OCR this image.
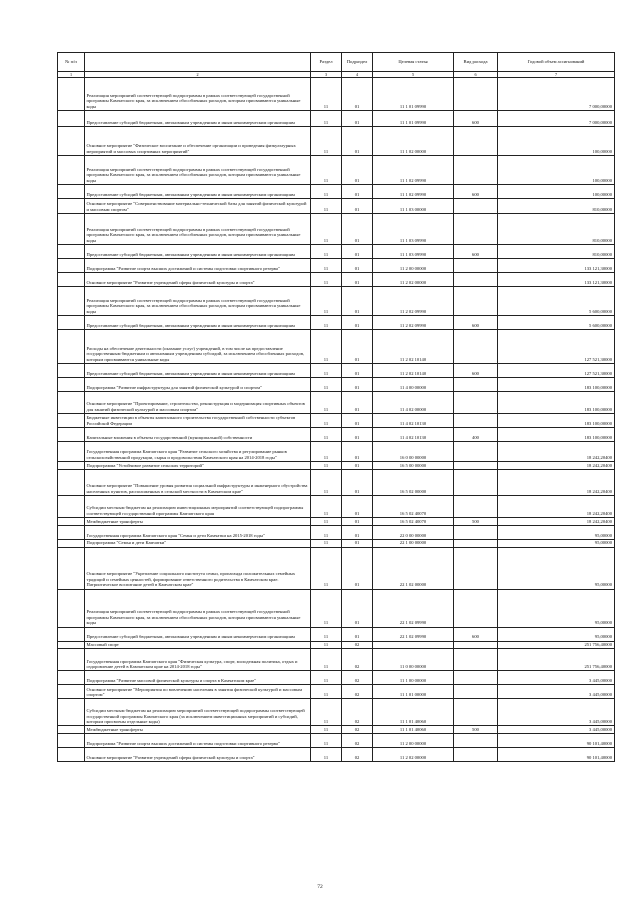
№ п/п		Раздел	Подраздел	Целевая статья	Вид расхода	Годовой объем ассигнований
1	2	3	4	5	6	7
	Реализация мероприятий соответствующей подпрограммы в рамках соответствующей государственной программы Камчатского края, за исключением обособленных расходов, которым присваиваются уникальные коды	11	01	11 1 01 09990		7 000,00000
	Предоставление субсидий бюджетным, автономным учреждениям и иным некоммерческим организациям	11	01	11 1 01 09990	600	7 000,00000
	Основное мероприятие "Физическое воспитание и обеспечение организации и проведения физкультурных мероприятий и массовых спортивных мероприятий"	11	01	11 1 02 00000		100,00000
	Реализация мероприятий соответствующей подпрограммы в рамках соответствующей государственной программы Камчатского края, за исключением обособленных расходов, которым присваиваются уникальные коды	11	01	11 1 02 09990		100,00000
	Предоставление субсидий бюджетным, автономным учреждениям и иным некоммерческим организациям	11	01	11 1 02 09990	600	100,00000
	Основное мероприятие "Совершенствование материально-технической базы для занятий физической культурой и массовым спортом"	11	01	11 1 03 00000		810,00000
	Реализация мероприятий соответствующей подпрограммы в рамках соответствующей государственной программы Камчатского края, за исключением обособленных расходов, которым присваиваются уникальные коды	11	01	11 1 03 09990		810,00000
	Предоставление субсидий бюджетным, автономным учреждениям и иным некоммерческим организациям	11	01	11 1 03 09990	600	810,00000
	Подпрограмма "Развитие спорта высших достижений и системы подготовки спортивного резерва"	11	01	11 2 00 00000		133 121,30000
	Основное мероприятие "Развитие учреждений сферы физической культуры и спорта"	11	01	11 2 02 00000		133 121,30000
	Реализация мероприятий соответствующей подпрограммы в рамках соответствующей государственной программы Камчатского края, за исключением обособленных расходов, которым присваиваются уникальные коды	11	01	11 2 02 09990		5 600,00000
	Предоставление субсидий бюджетным, автономным учреждениям и иным некоммерческим организациям	11	01	11 2 02 09990	600	5 600,00000
	Расходы на обеспечение деятельности (оказание услуг) учреждений, в том числе на предоставление государственным бюджетным и автономным учреждениям субсидий, за исключением обособленных расходов, которым присваиваются уникальные коды	11	01	11 2 02 10140		127 521,30000
	Предоставление субсидий бюджетным, автономным учреждениям и иным некоммерческим организациям	11	01	11 2 02 10140	600	127 521,30000
	Подпрограмма "Развитие инфраструктуры для занятий физической культурой и спортом"	11	01	11 4 00 00000		183 100,00000
	Основное мероприятие "Проектирование, строительство, реконструкция и модернизация спортивных объектов для занятий физической культурой и массовым спортом"	11	01	11 4 02 00000		183 100,00000
	Бюджетные инвестиции в объекты капитального строительства государственной собственности субъектов Российской Федерации	11	01	11 4 02 10130		183 100,00000
	Капитальные вложения в объекты государственной (муниципальной) собственности	11	01	11 4 02 10130	400	183 100,00000
	Государственная программа Камчатского края "Развитие сельского хозяйства и регулирование рынков сельскохозяйственной продукции, сырья и продовольствия Камчатского края на 2014-2018 годы"	11	01	16 0 00 00000		18 242,20400
	Подпрограмма "Устойчивое развитие сельских территорий"	11	01	16 5 00 00000		18 242,20400
	Основное мероприятие "Повышение уровня развития социальной инфраструктуры и инженерного обустройства населенных пунктов, расположенных в сельской местности в Камчатском крае"	11	01	16 5 02 00000		18 242,20400
	Субсидии местным бюджетам на реализацию инвестиционных мероприятий соответствующей подпрограммы соответствующей государственной программы Камчатского края	11	01	16 5 02 40070		18 242,20400
	Межбюджетные трансферты	11	01	16 5 02 40070	500	18 242,20400
	Государственная программа Камчатского края "Семья и дети Камчатки на 2015-2018 годы"	11	01	22 0 00 00000		95,00000
	Подпрограмма "Семья и дети Камчатки"	11	01	22 1 00 00000		95,00000
	Основное мероприятие "Укрепление социального института семьи, пропаганда положительных семейных традиций и семейных ценностей, формирование ответственного родительства в Камчатском крае. Патриотическое воспитание детей в Камчатском крае"	11	01	22 1 02 00000		95,00000
	Реализация мероприятий соответствующей подпрограммы в рамках соответствующей государственной программы Камчатского края, за исключением обособленных расходов, которым присваиваются уникальные коды	11	01	22 1 02 09990		95,00000
	Предоставление субсидий бюджетным, автономным учреждениям и иным некоммерческим организациям	11	01	22 1 02 09990	600	95,00000
	Массовый спорт	11	02			251 756,40000
	Государственная программа Камчатского края "Физическая культура, спорт, молодежная политика, отдых и оздоровление детей в Камчатском крае на 2014-2018 годы"	11	02	11 0 00 00000		251 756,40000
	Подпрограмма "Развитие массовой физической культуры и спорта в Камчатском крае"	11	02	11 1 00 00000		3 445,00000
	Основное мероприятие "Мероприятия по вовлечению населения в занятия физической культурой и массовым спортом"	11	02	11 1 01 00000		3 445,00000
	Субсидии местным бюджетам на реализацию мероприятий соответствующей подпрограммы соответствующей государственной программы Камчатского края (за исключением инвестиционных мероприятий и субсидий, которым присвоены отдельные коды)	11	02	11 1 01 40060		3 445,00000
	Межбюджетные трансферты	11	02	11 1 01 40060	500	3 445,00000
	Подпрограмма "Развитие спорта высших достижений и системы подготовки спортивного резерва"	11	02	11 2 00 00000		90 101,40000
	Основное мероприятие "Развитие учреждений сферы физической культуры и спорта"	11	02	11 2 02 00000		90 101,40000
72
